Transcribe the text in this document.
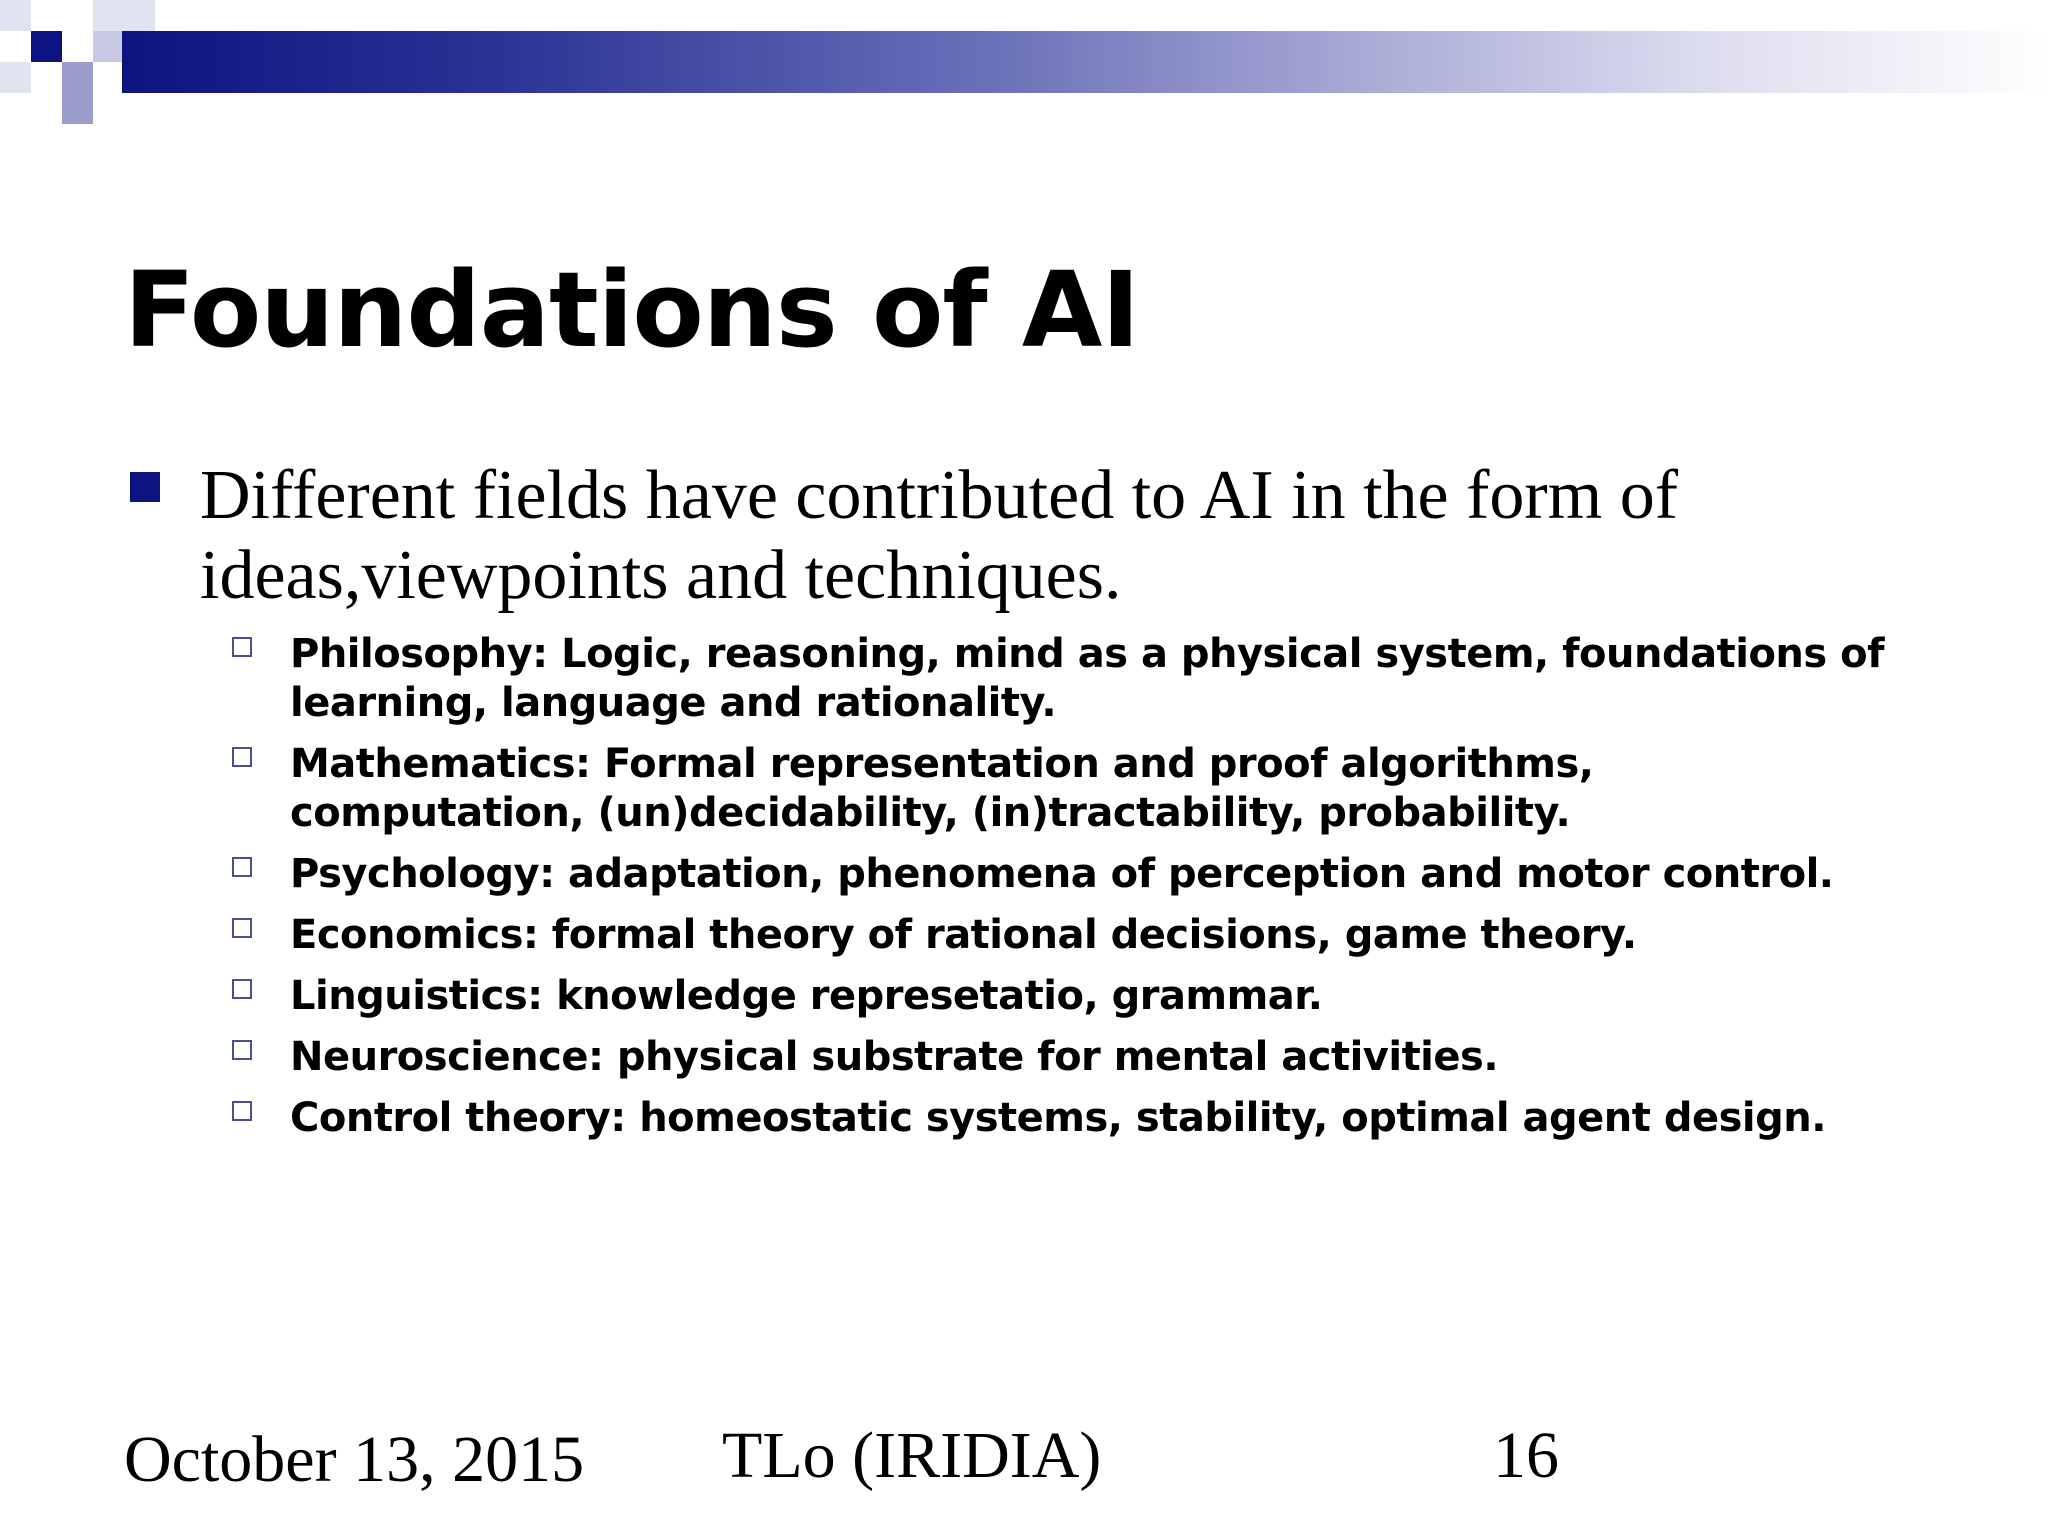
Foundations of AI

Different fields have contributed to AI in the form of ideas,viewpoints and techniques.

Philosophy: Logic, reasoning, mind as a physical system, foundations of learning, language and rationality.
Mathematics: Formal representation and proof algorithms, computation, (un)decidability, (in)tractability, probability.
Psychology: adaptation, phenomena of perception and motor control.
Economics: formal theory of rational decisions, game theory.
Linguistics: knowledge represetatio, grammar.
Neuroscience: physical substrate for mental activities.
Control theory: homeostatic systems, stability, optimal agent design.

October 13, 2015 TLo (IRIDIA)	16
